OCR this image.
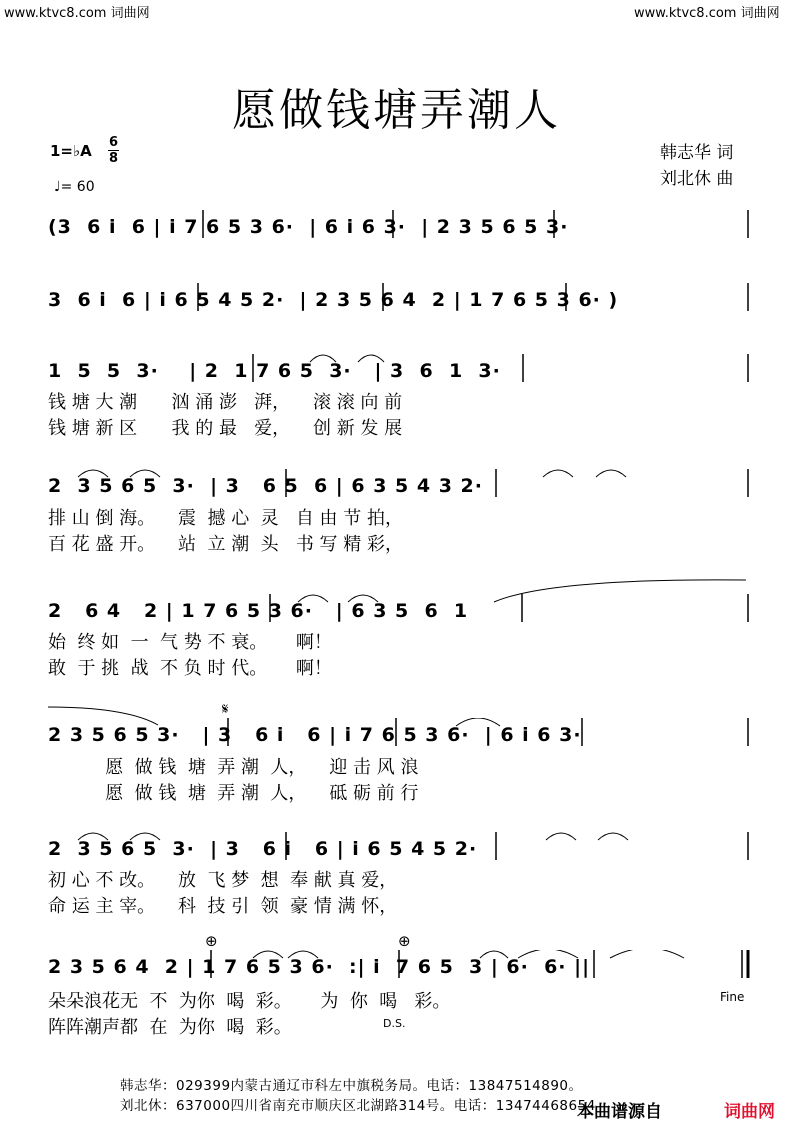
www.ktvc8.com 词曲网	www.ktvc8.com 词曲网
愿做钱塘弄潮人
1=♭A 6
8
♩= 60
韩志华 词
刘北休 曲
(3  6 i  6 | i 7 6 5 3 6·  | 6 i 6 3·  | 2 3 5 6 5 3·
3  6 i  6 | i 6 5 4 5 2·  | 2 3 5 6 4  2 | 1 7 6 5 3 6· )
1  5  5  3·    | 2  1 7 6 5  3·   | 3  6  1  3·
钱 塘 大 潮      汹 涌 澎   湃，    滚 滚 向 前
钱 塘 新 区      我 的 最   爱，    创 新 发 展
2  3 5 6 5  3·  | 3   6 5  6 | 6 3 5 4 3 2·
排 山 倒 海。    震  撼 心  灵   自 由 节 拍，
百 花 盛 开。    站  立 潮  头   书 写 精 彩，
2   6 4   2 | 1 7 6 5 3 6·   | 6 3 5  6  1
始  终 如  一  气 势 不 衰。     啊！
敢  于 挑  战  不 负 时 代。     啊！
2 3 5 6 5 3·   | 3   6 i   6 | i 7 6 5 3 6·  | 6 i 6 3·
愿  做 钱  塘  弄 潮  人，    迎 击 风 浪
愿  做 钱  塘  弄 潮  人，    砥 砺 前 行
𝄋
2  3 5 6 5  3·  | 3   6 i   6 | i 6 5 4 5 2·
初 心 不 改。    放  飞 梦  想  奉 献 真 爱，
命 运 主 宰。    科  技 引  领  豪 情 满 怀，
2 3 5 6 4  2 | 1 7 6 5 3 6·  :| i  7 6 5  3 | 6·  6· ||
朵朵浪花无  不  为你  喝  彩。     为  你  喝   彩。
阵阵潮声都  在  为你  喝  彩。
⊕	⊕
Fine
D.S.
韩志华：029399内蒙古通辽市科左中旗税务局。电话：13847514890。
刘北休：637000四川省南充市顺庆区北湖路314号。电话：13474468654
本曲谱源自	词曲网
